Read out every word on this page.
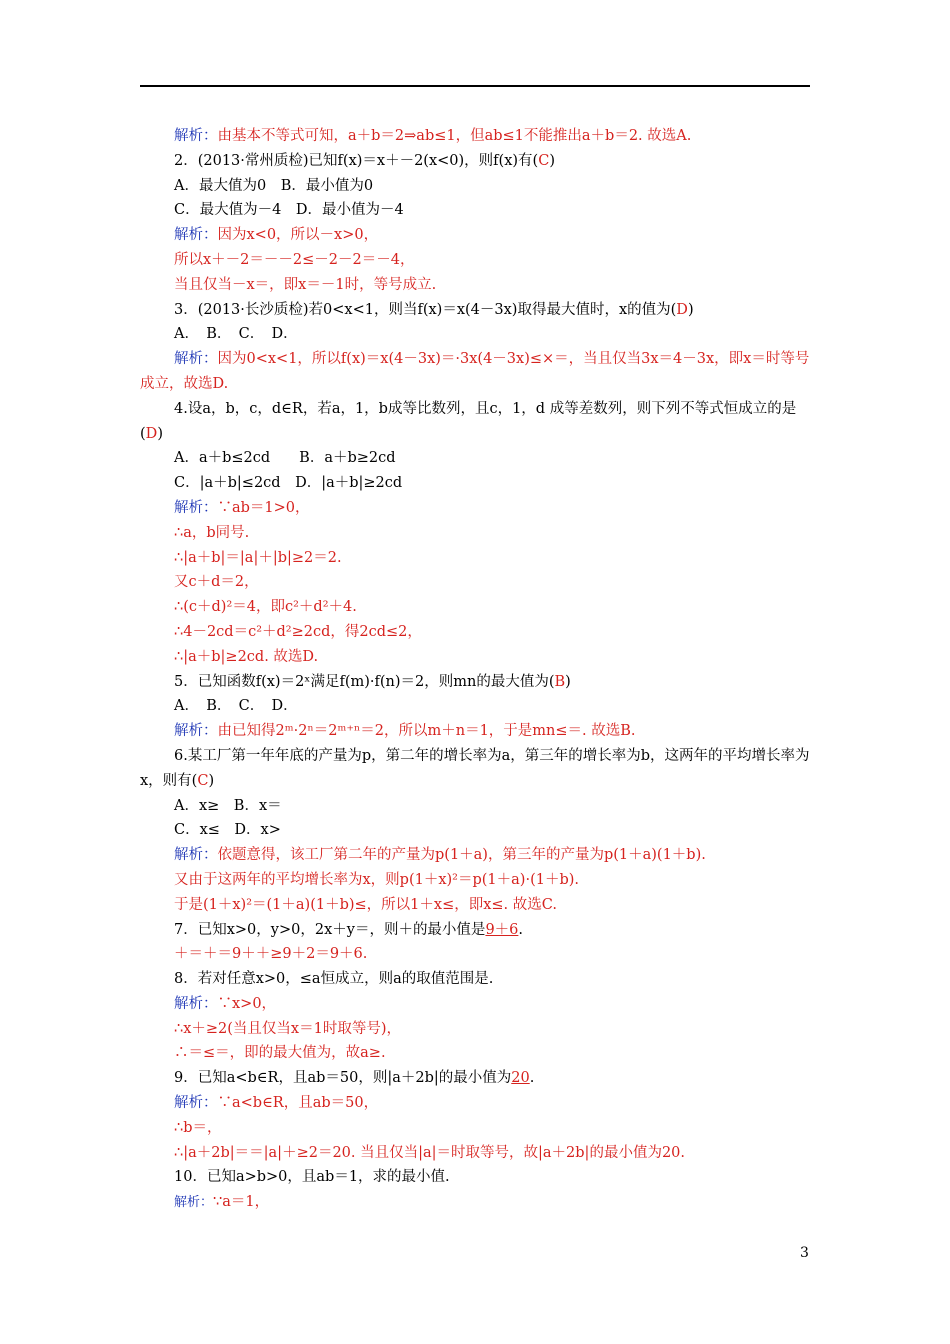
解析：由基本不等式可知，a＋b＝2⇒ab≤1，但ab≤1不能推出a＋b＝2. 故选A.
2．(2013·常州质检)已知f(x)＝x＋－2(x<0)，则f(x)有(C)
A．最大值为0　B．最小值为0
C．最大值为－4　D．最小值为－4
解析：因为x<0，所以－x>0，
所以x＋－2＝－－2≤－2－2＝－4，
当且仅当－x＝，即x＝－1时，等号成立.
3．(2013·长沙质检)若0<x<1，则当f(x)＝x(4－3x)取得最大值时，x的值为(D)
A．　B．　C．　D．
解析：因为0<x<1，所以f(x)＝x(4－3x)＝·3x(4－3x)≤×＝，当且仅当3x＝4－3x，即x＝时等号成立，故选D.
4.设a，b，c，d∈R，若a，1，b成等比数列，且c，1，d 成等差数列，则下列不等式恒成立的是(D)
A．a＋b≤2cd　　B．a＋b≥2cd
C．|a＋b|≤2cd　D．|a＋b|≥2cd
解析：∵ab＝1>0，
∴a，b同号.
∴|a＋b|＝|a|＋|b|≥2＝2.
又c＋d＝2，
∴(c＋d)²＝4，即c²＋d²＋4.
∴4－2cd＝c²＋d²≥2cd，得2cd≤2，
∴|a＋b|≥2cd. 故选D.
5．已知函数f(x)＝2ˣ满足f(m)·f(n)＝2，则mn的最大值为(B)
A．　B．　C．　D．
解析：由已知得2ᵐ·2ⁿ＝2ᵐ⁺ⁿ＝2，所以m＋n＝1，于是mn≤＝. 故选B.
6.某工厂第一年年底的产量为p，第二年的增长率为a，第三年的增长率为b，这两年的平均增长率为x，则有(C)
A．x≥　B．x＝
C．x≤　D．x>
解析：依题意得，该工厂第二年的产量为p(1＋a)，第三年的产量为p(1＋a)(1＋b).
又由于这两年的平均增长率为x，则p(1＋x)²＝p(1＋a)·(1＋b).
于是(1＋x)²＝(1＋a)(1＋b)≤，所以1＋x≤，即x≤. 故选C.
7．已知x>0，y>0，2x＋y＝，则＋的最小值是9＋6.
＋＝＋＝9＋＋≥9＋2＝9＋6.
8．若对任意x>0，≤a恒成立，则a的取值范围是.
解析：∵x>0，
∴x＋≥2(当且仅当x＝1时取等号)，
∴＝≤＝，即的最大值为，故a≥.
9．已知a<b∈R，且ab＝50，则|a＋2b|的最小值为20.
解析：∵a<b∈R，且ab＝50，
∴b＝，
∴|a＋2b|＝＝|a|＋≥2＝20. 当且仅当|a|＝时取等号，故|a＋2b|的最小值为20.
10．已知a>b>0，且ab＝1，求的最小值.
解析：∵a＝1，
3
